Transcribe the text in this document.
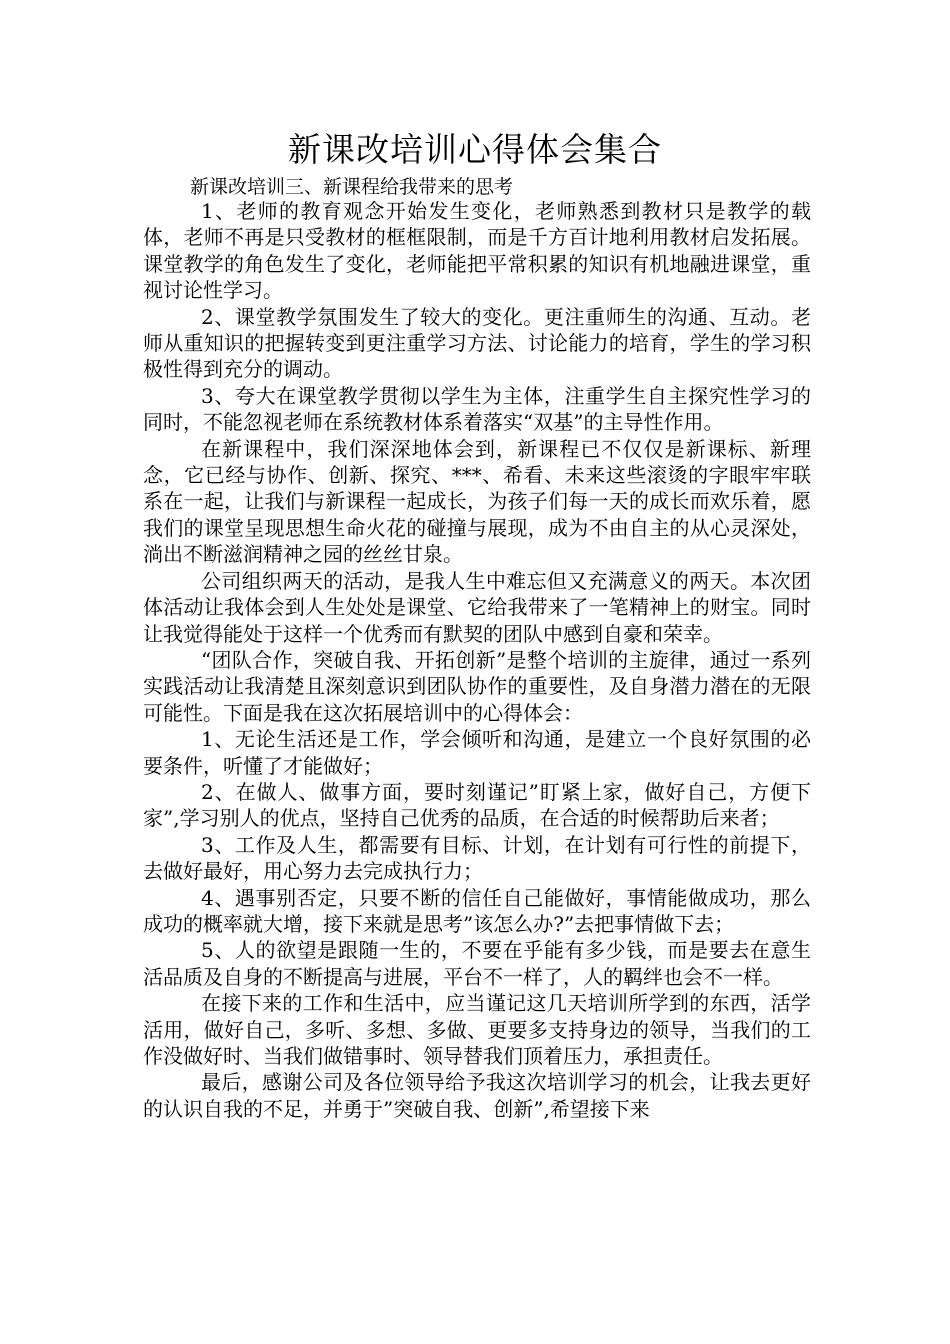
新课改培训心得体会集合

新课改培训三、新课程给我带来的思考

1、老师的教育观念开始发生变化，老师熟悉到教材只是教学的载体，老师不再是只受教材的框框限制，而是千方百计地利用教材启发拓展。课堂教学的角色发生了变化，老师能把平常积累的知识有机地融进课堂，重视讨论性学习。

2、课堂教学氛围发生了较大的变化。更注重师生的沟通、互动。老师从重知识的把握转变到更注重学习方法、讨论能力的培育，学生的学习积极性得到充分的调动。

3、夸大在课堂教学贯彻以学生为主体，注重学生自主探究性学习的同时，不能忽视老师在系统教材体系着落实“双基”的主导性作用。

在新课程中，我们深深地体会到，新课程已不仅仅是新课标、新理念，它已经与协作、创新、探究、***、希看、未来这些滚烫的字眼牢牢联系在一起，让我们与新课程一起成长，为孩子们每一天的成长而欢乐着，愿我们的课堂呈现思想生命火花的碰撞与展现，成为不由自主的从心灵深处，淌出不断滋润精神之园的丝丝甘泉。

公司组织两天的活动，是我人生中难忘但又充满意义的两天。本次团体活动让我体会到人生处处是课堂、它给我带来了一笔精神上的财宝。同时让我觉得能处于这样一个优秀而有默契的团队中感到自豪和荣幸。

“团队合作，突破自我、开拓创新”是整个培训的主旋律，通过一系列实践活动让我清楚且深刻意识到团队协作的重要性，及自身潜力潜在的无限可能性。下面是我在这次拓展培训中的心得体会：

1、无论生活还是工作，学会倾听和沟通，是建立一个良好氛围的必要条件，听懂了才能做好；

2、在做人、做事方面，要时刻谨记”盯紧上家，做好自己，方便下家”,学习别人的优点，坚持自己优秀的品质，在合适的时候帮助后来者；

3、工作及人生，都需要有目标、计划，在计划有可行性的前提下，去做好最好，用心努力去完成执行力；

4、遇事别否定，只要不断的信任自己能做好，事情能做成功，那么成功的概率就大增，接下来就是思考”该怎么办?”去把事情做下去；

5、人的欲望是跟随一生的，不要在乎能有多少钱，而是要去在意生活品质及自身的不断提高与进展，平台不一样了，人的羁绊也会不一样。

在接下来的工作和生活中，应当谨记这几天培训所学到的东西，活学活用，做好自己，多听、多想、多做、更要多支持身边的领导，当我们的工作没做好时、当我们做错事时、领导替我们顶着压力，承担责任。

最后，感谢公司及各位领导给予我这次培训学习的机会，让我去更好的认识自我的不足，并勇于”突破自我、创新”,希望接下来
